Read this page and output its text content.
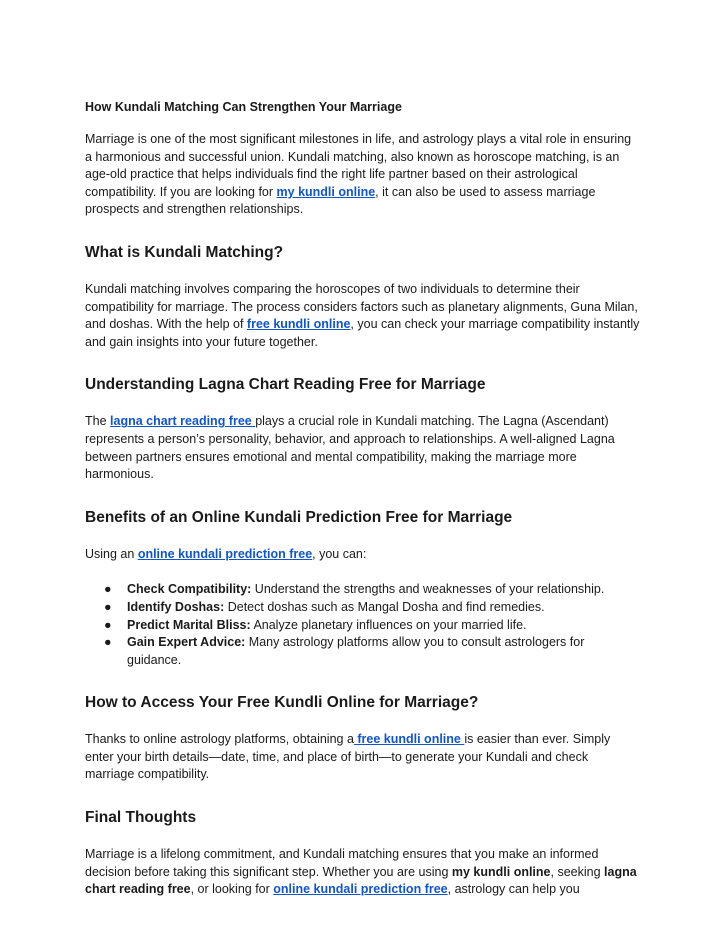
How Kundali Matching Can Strengthen Your Marriage

Marriage is one of the most significant milestones in life, and astrology plays a vital role in ensuring a harmonious and successful union. Kundali matching, also known as horoscope matching, is an age-old practice that helps individuals find the right life partner based on their astrological compatibility. If you are looking for my kundli online, it can also be used to assess marriage prospects and strengthen relationships.

What is Kundali Matching?

Kundali matching involves comparing the horoscopes of two individuals to determine their compatibility for marriage. The process considers factors such as planetary alignments, Guna Milan, and doshas. With the help of free kundli online, you can check your marriage compatibility instantly and gain insights into your future together.

Understanding Lagna Chart Reading Free for Marriage

The lagna chart reading free plays a crucial role in Kundali matching. The Lagna (Ascendant) represents a person’s personality, behavior, and approach to relationships. A well-aligned Lagna between partners ensures emotional and mental compatibility, making the marriage more harmonious.

Benefits of an Online Kundali Prediction Free for Marriage

Using an online kundali prediction free, you can:

● Check Compatibility: Understand the strengths and weaknesses of your relationship.
● Identify Doshas: Detect doshas such as Mangal Dosha and find remedies.
● Predict Marital Bliss: Analyze planetary influences on your married life.
● Gain Expert Advice: Many astrology platforms allow you to consult astrologers for guidance.
How to Access Your Free Kundli Online for Marriage?

Thanks to online astrology platforms, obtaining a free kundli online is easier than ever. Simply enter your birth details—date, time, and place of birth—to generate your Kundali and check marriage compatibility.

Final Thoughts

Marriage is a lifelong commitment, and Kundali matching ensures that you make an informed decision before taking this significant step. Whether you are using my kundli online, seeking lagna chart reading free, or looking for online kundali prediction free, astrology can help you
